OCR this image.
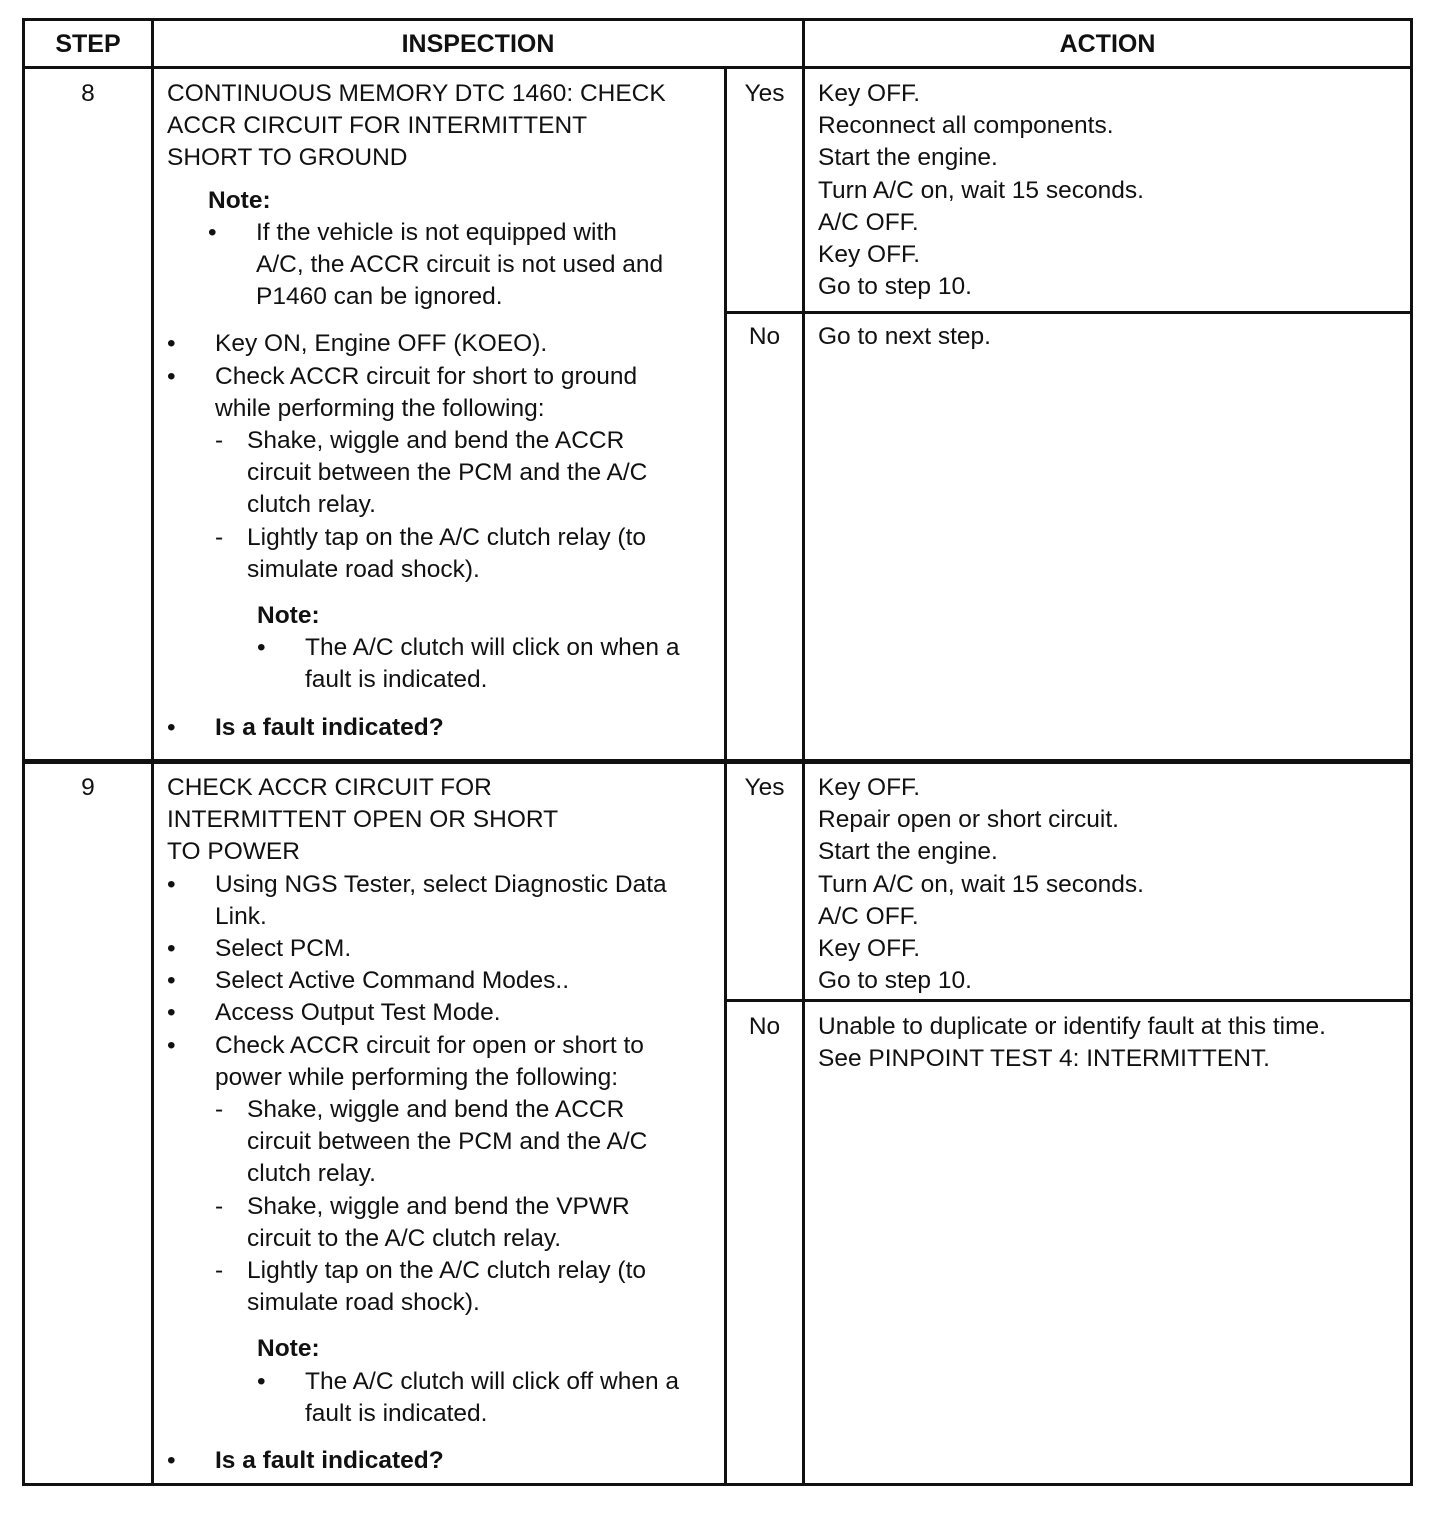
STEP	INSPECTION	ACTION
8	CONTINUOUS MEMORY DTC 1460: CHECK
ACCR CIRCUIT FOR INTERMITTENT
SHORT TO GROUND
Note:
•	If the vehicle is not equipped with
A/C, the ACCR circuit is not used and
P1460 can be ignored.
•	Key ON, Engine OFF (KOEO).
•	Check ACCR circuit for short to ground
while performing the following:
- Shake, wiggle and bend the ACCR
circuit between the PCM and the A/C
clutch relay.
- Lightly tap on the A/C clutch relay (to
simulate road shock).
Note:
•	The A/C clutch will click on when a
fault is indicated.
•	Is a fault indicated?
Yes	Key OFF.
Reconnect all components.
Start the engine.
Turn A/C on, wait 15 seconds.
A/C OFF.
Key OFF.
Go to step 10.
No	Go to next step.
9	CHECK ACCR CIRCUIT FOR
INTERMITTENT OPEN OR SHORT
TO POWER
•	Using NGS Tester, select Diagnostic Data
Link.
•	Select PCM.
•	Select Active Command Modes..
•	Access Output Test Mode.
•	Check ACCR circuit for open or short to
power while performing the following:
- Shake, wiggle and bend the ACCR
circuit between the PCM and the A/C
clutch relay.
- Shake, wiggle and bend the VPWR
circuit to the A/C clutch relay.
- Lightly tap on the A/C clutch relay (to
simulate road shock).
Note:
•	The A/C clutch will click off when a
fault is indicated.
•	Is a fault indicated?
Yes	Key OFF.
Repair open or short circuit.
Start the engine.
Turn A/C on, wait 15 seconds.
A/C OFF.
Key OFF.
Go to step 10.
No	Unable to duplicate or identify fault at this time.
See PINPOINT TEST 4: INTERMITTENT.
